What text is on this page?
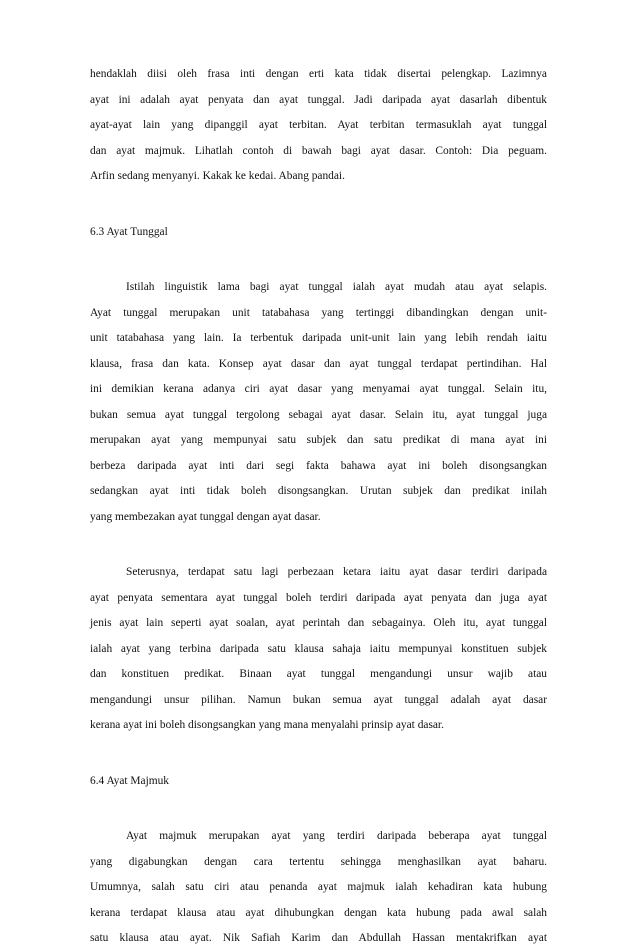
hendaklah diisi oleh frasa inti dengan erti kata tidak disertai pelengkap. Lazimnya
ayat ini adalah ayat penyata dan ayat tunggal. Jadi daripada ayat dasarlah dibentuk
ayat-ayat lain yang dipanggil ayat terbitan. Ayat terbitan termasuklah ayat tunggal
dan ayat majmuk. Lihatlah contoh di bawah bagi ayat dasar. Contoh: Dia peguam.
Arfin sedang menyanyi. Kakak ke kedai. Abang pandai.

6.3 Ayat Tunggal

Istilah linguistik lama bagi ayat tunggal ialah ayat mudah atau ayat selapis.
Ayat tunggal merupakan unit tatabahasa yang tertinggi dibandingkan dengan unit-
unit tatabahasa yang lain. Ia terbentuk daripada unit-unit lain yang lebih rendah iaitu
klausa, frasa dan kata. Konsep ayat dasar dan ayat tunggal terdapat pertindihan. Hal
ini demikian kerana adanya ciri ayat dasar yang menyamai ayat tunggal. Selain itu,
bukan semua ayat tunggal tergolong sebagai ayat dasar. Selain itu, ayat tunggal juga
merupakan ayat yang mempunyai satu subjek dan satu predikat di mana ayat ini
berbeza daripada ayat inti dari segi fakta bahawa ayat ini boleh disongsangkan
sedangkan ayat inti tidak boleh disongsangkan. Urutan subjek dan predikat inilah
yang membezakan ayat tunggal dengan ayat dasar.

Seterusnya, terdapat satu lagi perbezaan ketara iaitu ayat dasar terdiri daripada
ayat penyata sementara ayat tunggal boleh terdiri daripada ayat penyata dan juga ayat
jenis ayat lain seperti ayat soalan, ayat perintah dan sebagainya. Oleh itu, ayat tunggal
ialah ayat yang terbina daripada satu klausa sahaja iaitu mempunyai konstituen subjek
dan konstituen predikat. Binaan ayat tunggal mengandungi unsur wajib atau
mengandungi unsur pilihan. Namun bukan semua ayat tunggal adalah ayat dasar
kerana ayat ini boleh disongsangkan yang mana menyalahi prinsip ayat dasar.

6.4 Ayat Majmuk

Ayat majmuk merupakan ayat yang terdiri daripada beberapa ayat tunggal
yang digabungkan dengan cara tertentu sehingga menghasilkan ayat baharu.
Umumnya, salah satu ciri atau penanda ayat majmuk ialah kehadiran kata hubung
kerana terdapat klausa atau ayat dihubungkan dengan kata hubung pada awal salah
satu klausa atau ayat. Nik Safiah Karim dan Abdullah Hassan mentakrifkan ayat
